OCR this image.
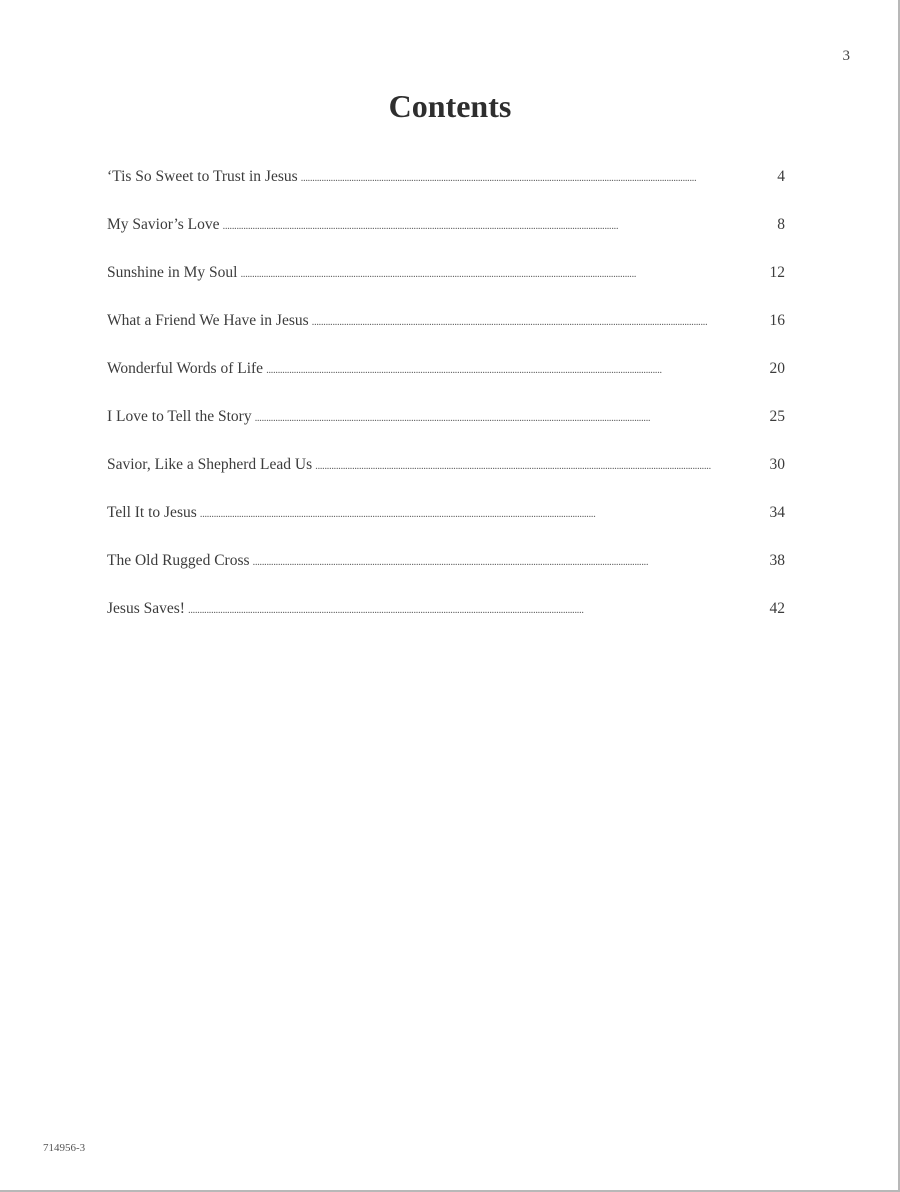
3
Contents
‘Tis So Sweet to Trust in Jesus . . .	4
My Savior’s Love . . .	8
Sunshine in My Soul . . .	12
What a Friend We Have in Jesus . . .	16
Wonderful Words of Life . . .	20
I Love to Tell the Story . . .	25
Savior, Like a Shepherd Lead Us . . .	30
Tell It to Jesus . . .	34
The Old Rugged Cross . . .	38
Jesus Saves! . . .	42
714956-3
